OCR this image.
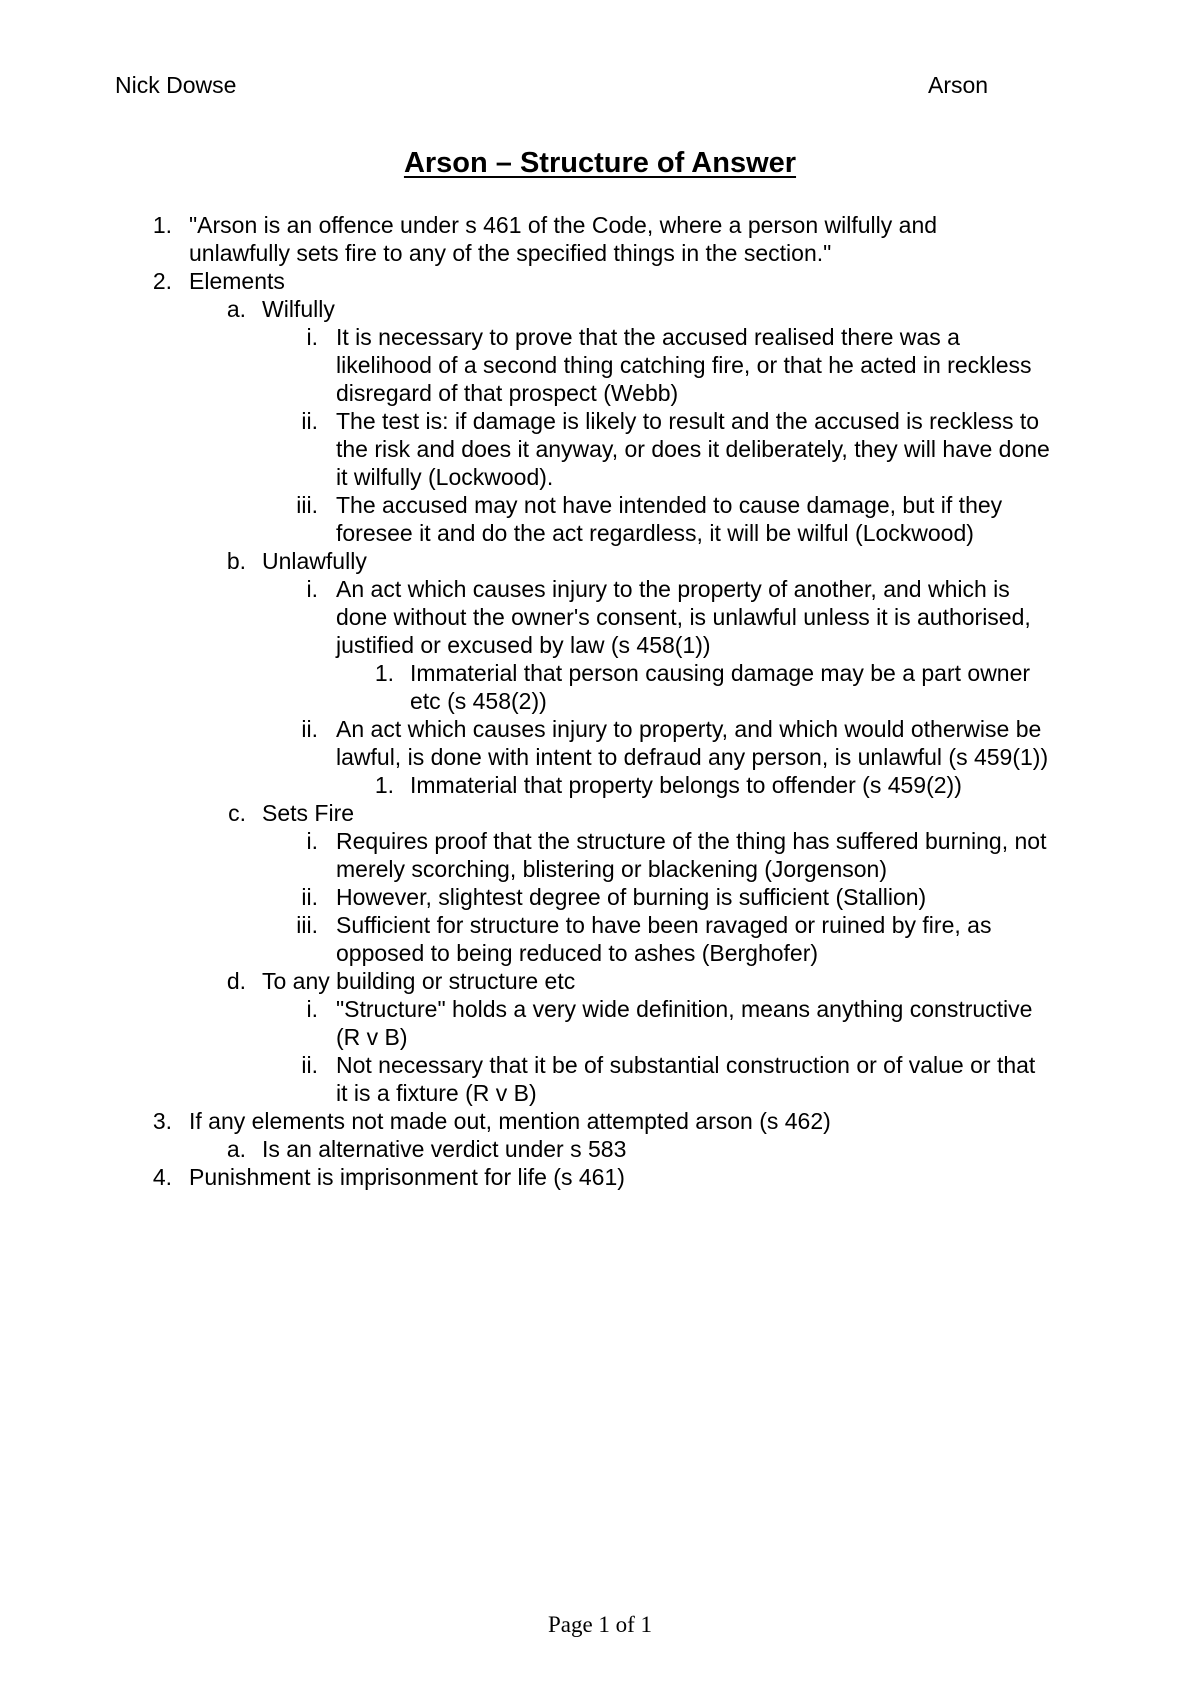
Nick Dowse	Arson
Arson – Structure of Answer
1. "Arson is an offence under s 461 of the Code, where a person wilfully and
unlawfully sets fire to any of the specified things in the section."
2. Elements
a. Wilfully
i. It is necessary to prove that the accused realised there was a
likelihood of a second thing catching fire, or that he acted in reckless
disregard of that prospect (Webb)
ii. The test is: if damage is likely to result and the accused is reckless to
the risk and does it anyway, or does it deliberately, they will have done
it wilfully (Lockwood).
iii. The accused may not have intended to cause damage, but if they
foresee it and do the act regardless, it will be wilful (Lockwood)
b. Unlawfully
i. An act which causes injury to the property of another, and which is
done without the owner's consent, is unlawful unless it is authorised,
justified or excused by law (s 458(1))
1. Immaterial that person causing damage may be a part owner
etc (s 458(2))
ii. An act which causes injury to property, and which would otherwise be
lawful, is done with intent to defraud any person, is unlawful (s 459(1))
1. Immaterial that property belongs to offender (s 459(2))
c. Sets Fire
i. Requires proof that the structure of the thing has suffered burning, not
merely scorching, blistering or blackening (Jorgenson)
ii. However, slightest degree of burning is sufficient (Stallion)
iii. Sufficient for structure to have been ravaged or ruined by fire, as
opposed to being reduced to ashes (Berghofer)
d. To any building or structure etc
i. "Structure" holds a very wide definition, means anything constructive
(R v B)
ii. Not necessary that it be of substantial construction or of value or that
it is a fixture (R v B)
3. If any elements not made out, mention attempted arson (s 462)
a. Is an alternative verdict under s 583
4. Punishment is imprisonment for life (s 461)
Page 1 of 1
